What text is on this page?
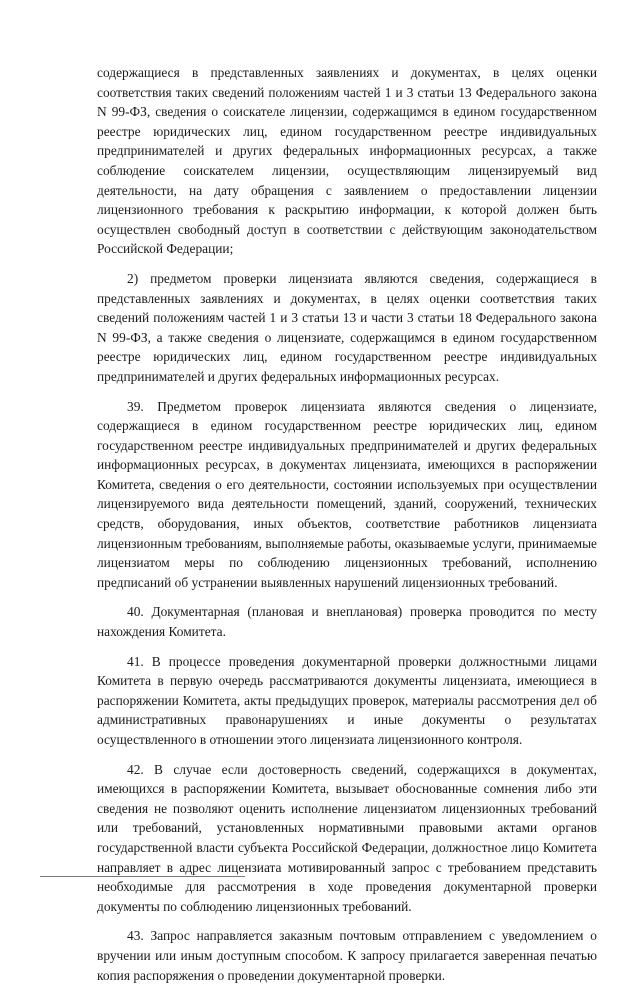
содержащиеся в представленных заявлениях и документах, в целях оценки соответствия таких сведений положениям частей 1 и 3 статьи 13 Федерального закона N 99-ФЗ, сведения о соискателе лицензии, содержащимся в едином государственном реестре юридических лиц, едином государственном реестре индивидуальных предпринимателей и других федеральных информационных ресурсах, а также соблюдение соискателем лицензии, осуществляющим лицензируемый вид деятельности, на дату обращения с заявлением о предоставлении лицензии лицензионного требования к раскрытию информации, к которой должен быть осуществлен свободный доступ в соответствии с действующим законодательством Российской Федерации;

2) предметом проверки лицензиата являются сведения, содержащиеся в представленных заявлениях и документах, в целях оценки соответствия таких сведений положениям частей 1 и 3 статьи 13 и части 3 статьи 18 Федерального закона N 99-ФЗ, а также сведения о лицензиате, содержащимся в едином государственном реестре юридических лиц, едином государственном реестре индивидуальных предпринимателей и других федеральных информационных ресурсах.

39. Предметом проверок лицензиата являются сведения о лицензиате, содержащиеся в едином государственном реестре юридических лиц, едином государственном реестре индивидуальных предпринимателей и других федеральных информационных ресурсах, в документах лицензиата, имеющихся в распоряжении Комитета, сведения о его деятельности, состоянии используемых при осуществлении лицензируемого вида деятельности помещений, зданий, сооружений, технических средств, оборудования, иных объектов, соответствие работников лицензиата лицензионным требованиям, выполняемые работы, оказываемые услуги, принимаемые лицензиатом меры по соблюдению лицензионных требований, исполнению предписаний об устранении выявленных нарушений лицензионных требований.

40. Документарная (плановая и внеплановая) проверка проводится по месту нахождения Комитета.

41. В процессе проведения документарной проверки должностными лицами Комитета в первую очередь рассматриваются документы лицензиата, имеющиеся в распоряжении Комитета, акты предыдущих проверок, материалы рассмотрения дел об административных правонарушениях и иные документы о результатах осуществленного в отношении этого лицензиата лицензионного контроля.

42. В случае если достоверность сведений, содержащихся в документах, имеющихся в распоряжении Комитета, вызывает обоснованные сомнения либо эти сведения не позволяют оценить исполнение лицензиатом лицензионных требований или требований, установленных нормативными правовыми актами органов государственной власти субъекта Российской Федерации, должностное лицо Комитета направляет в адрес лицензиата мотивированный запрос с требованием представить необходимые для рассмотрения в ходе проведения документарной проверки документы по соблюдению лицензионных требований.

43. Запрос направляется заказным почтовым отправлением с уведомлением о вручении или иным доступным способом. К запросу прилагается заверенная печатью копия распоряжения о проведении документарной проверки.
